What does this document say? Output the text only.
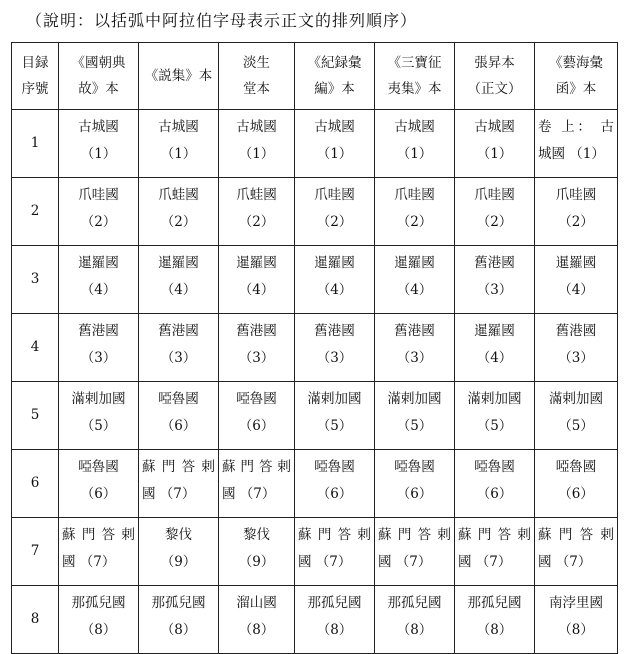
（說明：以括弧中阿拉伯字母表示正文的排列順序）
目録
序號	《國朝典
故》本	《説集》本	淡生
堂本	《紀録彙
編》本	《三寶征
夷集》本	張昇本
（正文）	《藝海彙
函》本

1	古城國
（1）	古城國
（1）	古城國
（1）	古城國
（1）	古城國
（1）	古城國
（1）	卷 上： 古
城國 （1）

2	爪哇國
（2）	爪蛙國
（2）	爪蛙國
（2）	爪哇國
（2）	爪哇國
（2）	爪哇國
（2）	爪哇國
（2）

3	暹羅國
（4）	暹羅國
（4）	暹羅國
（4）	暹羅國
（4）	暹羅國
（4）	舊港國
（3）	暹羅國
（4）

4	舊港國
（3）	舊港國
（3）	舊港國
（3）	舊港國
（3）	舊港國
（3）	暹羅國
（4）	舊港國
（3）

5	滿剌加國
（5）	啞魯國
（6）	啞魯國
（6）	滿剌加國
（5）	滿剌加國
（5）	滿剌加國
（5）	滿剌加國
（5）

6	啞魯國
（6）	蘇門答剌
國 （7）	蘇門答剌
國 （7）	啞魯國
（6）	啞魯國
（6）	啞魯國
（6）	啞魯國
（6）

7	蘇門答剌
國 （7）	黎伐
（9）	黎伐
（9）	蘇門答剌
國 （7）	蘇門答剌
國 （7）	蘇門答剌
國 （7）	蘇門答剌
國 （7）

8	那孤兒國
（8）	那孤兒國
（8）	溜山國
（8）	那孤兒國
（8）	那孤兒國
（8）	那孤兒國
（8）	南浡里國
（8）
